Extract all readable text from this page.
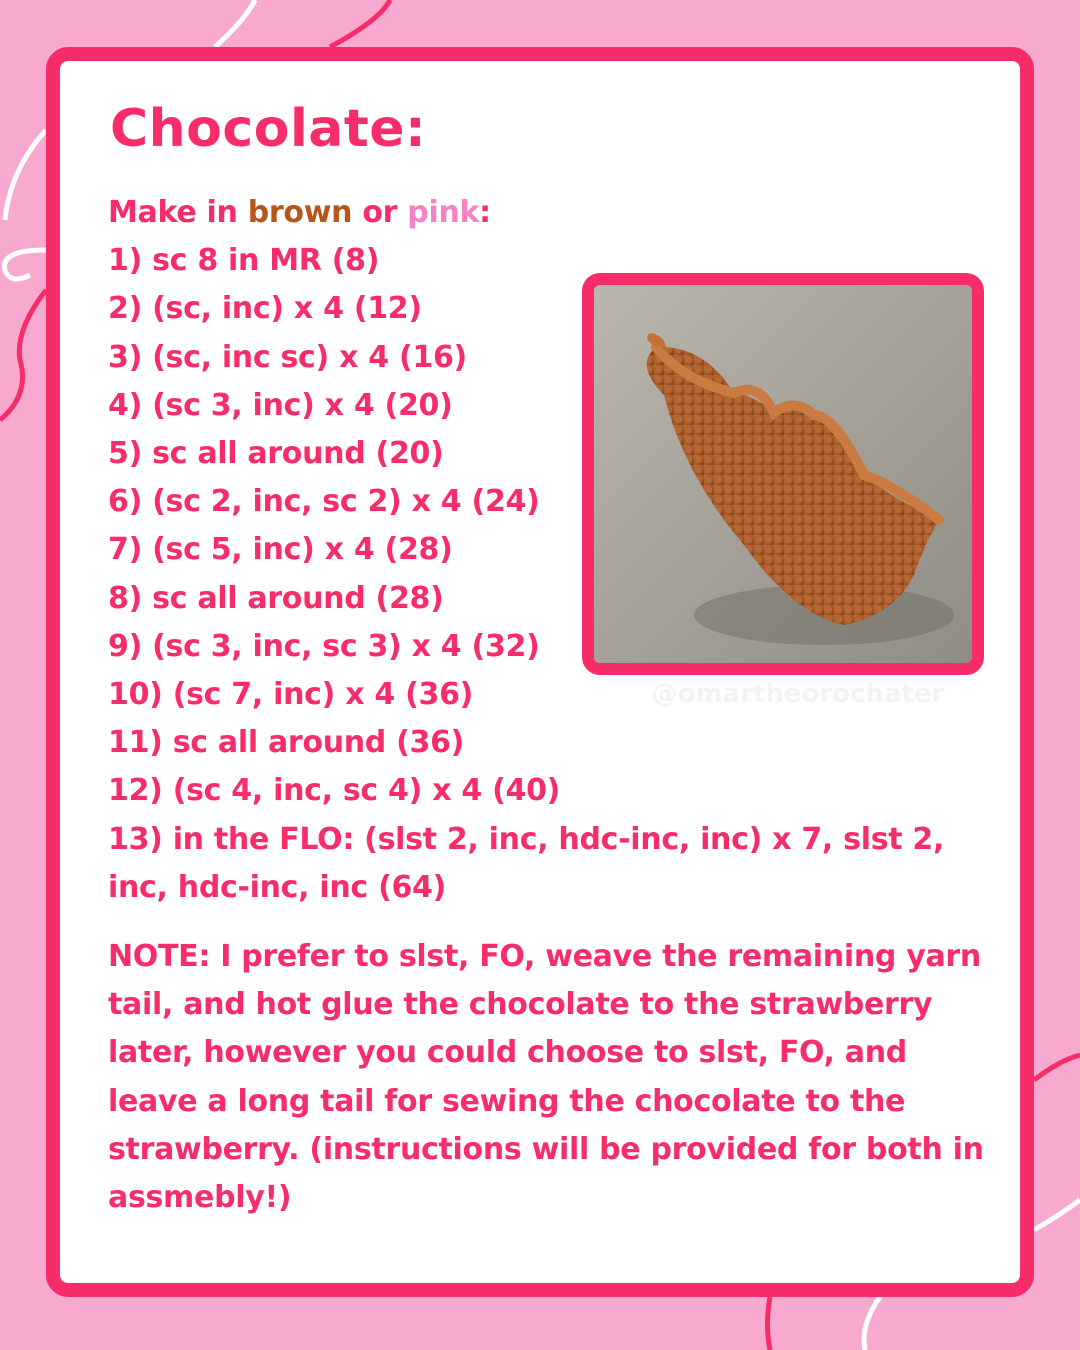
Chocolate:
Make in brown or pink:
1) sc 8 in MR (8)
2) (sc, inc) x 4 (12)
3) (sc, inc sc) x 4 (16)
4) (sc 3, inc) x 4 (20)
5) sc all around (20)
6) (sc 2, inc, sc 2) x 4 (24)
7) (sc 5, inc) x 4 (28)
8) sc all around (28)
9) (sc 3, inc, sc 3) x 4 (32)
10) (sc 7, inc) x 4 (36)
11) sc all around (36)
12) (sc 4, inc, sc 4) x 4 (40)
13) in the FLO: (slst 2, inc, hdc-inc, inc) x 7, slst 2, inc, hdc-inc, inc (64)

NOTE: I prefer to slst, FO, weave the remaining yarn tail, and hot glue the chocolate to the strawberry later, however you could choose to slst, FO, and leave a long tail for sewing the chocolate to the strawberry. (instructions will be provided for both in assmebly!)

@omartheorochater
